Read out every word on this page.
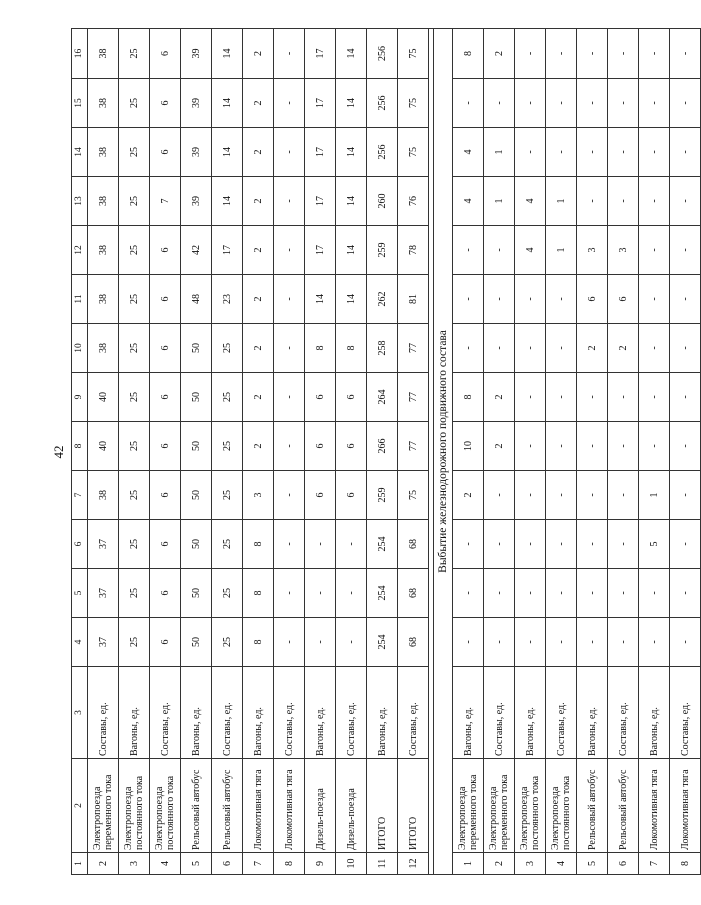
42
1	2	3	4	5	6	7	8	9	10	11	12	13	14	15	16
2	Электропоезда переменного тока	Составы, ед.	37	37	37	38	40	40	38	38	38	38	38	38	38
3	Электропоезда постоянного тока	Вагоны, ед.	25	25	25	25	25	25	25	25	25	25	25	25	25
4	Электропоезда постоянного тока	Составы, ед.	6	6	6	6	6	6	6	6	6	7	6	6	6
5	Рельсовый автобус	Вагоны, ед.	50	50	50	50	50	50	50	48	42	39	39	39	39
6	Рельсовый автобус	Составы, ед.	25	25	25	25	25	25	25	23	17	14	14	14	14
7	Локомотивная тяга	Вагоны, ед.	8	8	8	3	2	2	2	2	2	2	2	2	2
8	Локомотивная тяга	Составы, ед.	-	-	-	-	-	-	-	-	-	-	-	-	-
9	Дизель-поезда	Вагоны, ед.	-	-	-	6	6	6	8	14	17	17	17	17	17
10	Дизель-поезда	Составы, ед.	-	-	-	6	6	6	8	14	14	14	14	14	14
11	ИТОГО	Вагоны, ед.	254	254	254	259	266	264	258	262	259	260	256	256	256
12	ИТОГО	Составы, ед.	68	68	68	75	77	77	77	81	78	76	75	75	75

Выбытие железнодорожного подвижного состава															
1	Электропоезда переменного тока	Вагоны, ед.	-	-	-	2	10	8	-	-	-	4	4	-	8
2	Электропоезда переменного тока	Составы, ед.	-	-	-	-	2	2	-	-	-	1	1	-	2
3	Электропоезда постоянного тока	Вагоны, ед.	-	-	-	-	-	-	-	-	4	4	-	-	-
4	Электропоезда постоянного тока	Составы, ед.	-	-	-	-	-	-	-	-	1	1	-	-	-
5	Рельсовый автобус	Вагоны, ед.	-	-	-	-	-	-	2	6	3	-	-	-	-
6	Рельсовый автобус	Составы, ед.	-	-	-	-	-	-	2	6	3	-	-	-	-
7	Локомотивная тяга	Вагоны, ед.	-	-	5	1	-	-	-	-	-	-	-	-	-
8	Локомотивная тяга	Составы, ед.	-	-	-	-	-	-	-	-	-	-	-	-	-
